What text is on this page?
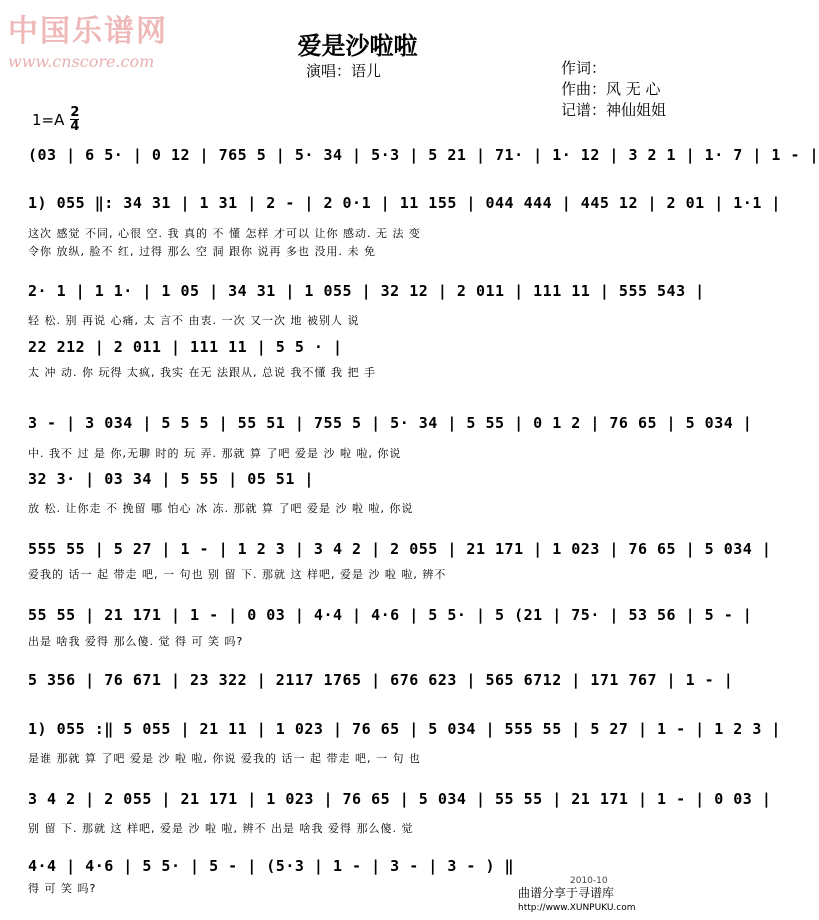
中国乐谱网
www.cnscore.com
爱是沙啦啦
演唱：语儿	作词：
作曲：风 无 心
记谱：神仙姐姐
$1=A \frac{2}{4}$
(03 | 6 5· | 0 12 | 765 5 | 5· 34 | 5·3 | 5 21 | 71· | 1· 12 | 3 2 1 | 1· 7 | 1 - |
1) 055 ‖: 34 31 | 1 31 | 2 - | 2 0·1 | 11 155 | 044 444 | 445 12 | 2 01 | 1·1 |
这次 感觉 不同, 心很 空. 我 真的 不 懂 怎样 才可以 让你 感动. 无 法 变
令你 放纵, 脸不 红, 过得 那么 空 洞 跟你 说再 多也 没用. 未 免
2· 1 | 1 1· | 1 05 | 34 31 | 1 055 | 32 12 | 2 011 | 111 11 | 555 543 |
轻 松. 别 再说 心痛, 太 言不 由衷. 一次 又一次 地 被别人 说
22 212 | 2 011 | 111 11 | 5 5 · |
太 冲 动. 你 玩得 太疯, 我实 在无 法跟从, 总说 我不懂 我 把 手
3 - | 3 034 | 5 5 5 | 55 51 | 755 5 | 5· 34 | 5 55 | 0 1 2 | 76 65 | 5 034 |
中. 我不 过 是 你,无聊 时的 玩 弄. 那就 算 了吧 爱是 沙 啦 啦, 你说
32 3· | 03 34 | 5 55 | 05 51 |
放 松. 让你走 不 挽留 哪 怕心 冰 冻. 那就 算 了吧 爱是 沙 啦 啦, 你说
555 55 | 5 27 | 1 - | 1 2 3 | 3 4 2 | 2 055 | 21 171 | 1 023 | 76 65 | 5 034 |
爱我的 话一 起 带走 吧, 一 句也 别 留 下. 那就 这 样吧, 爱是 沙 啦 啦, 辨不
55 55 | 21 171 | 1 - | 0 03 | 4·4 | 4·6 | 5 5· | 5 (21 | 75· | 53 56 | 5 - |
出是 啥我 爱得 那么傻. 觉 得 可 笑 吗?
5 356 | 76 671 | 23 322 | 2117 1765 | 676 623 | 565 6712 | 171 767 | 1 - |
1) 055 :‖ 5 055 | 21 11 | 1 023 | 76 65 | 5 034 | 555 55 | 5 27 | 1 - | 1 2 3 |
是谁 那就 算 了吧 爱是 沙 啦 啦, 你说 爱我的 话一 起 带走 吧, 一 句 也
3 4 2 | 2 055 | 21 171 | 1 023 | 76 65 | 5 034 | 55 55 | 21 171 | 1 - | 0 03 |
别 留 下. 那就 这 样吧, 爱是 沙 啦 啦, 辨不 出是 啥我 爱得 那么傻. 觉
4·4 | 4·6 | 5 5· | 5 - | (5·3 | 1 - | 3 - | 3 - ) ‖
得 可 笑 吗?	曲谱分享于寻谱库
http://www.XUNPUKU.com
2010-10
